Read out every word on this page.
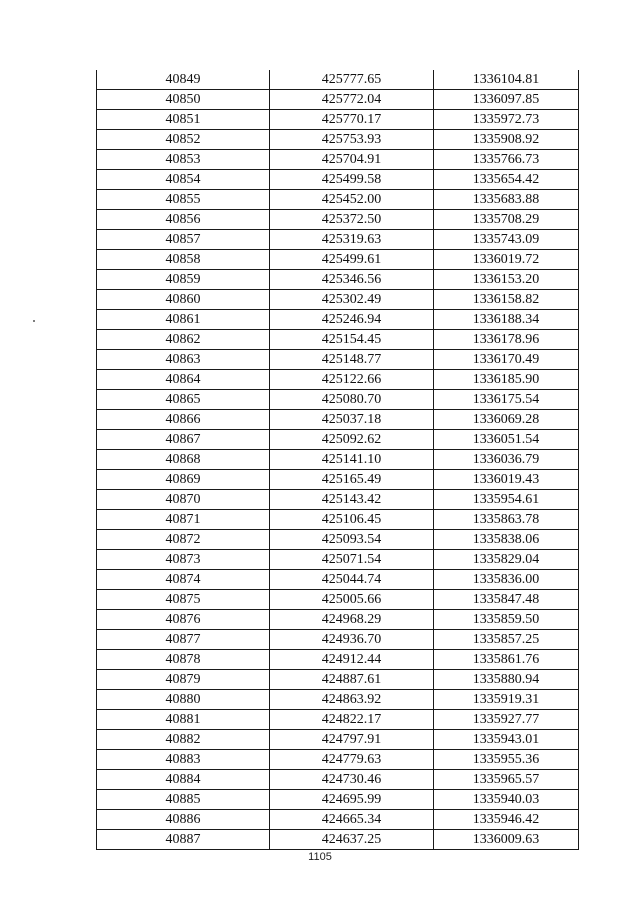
40849	425777.65	1336104.81
40850	425772.04	1336097.85
40851	425770.17	1335972.73
40852	425753.93	1335908.92
40853	425704.91	1335766.73
40854	425499.58	1335654.42
40855	425452.00	1335683.88
40856	425372.50	1335708.29
40857	425319.63	1335743.09
40858	425499.61	1336019.72
40859	425346.56	1336153.20
40860	425302.49	1336158.82
40861	425246.94	1336188.34
40862	425154.45	1336178.96
40863	425148.77	1336170.49
40864	425122.66	1336185.90
40865	425080.70	1336175.54
40866	425037.18	1336069.28
40867	425092.62	1336051.54
40868	425141.10	1336036.79
40869	425165.49	1336019.43
40870	425143.42	1335954.61
40871	425106.45	1335863.78
40872	425093.54	1335838.06
40873	425071.54	1335829.04
40874	425044.74	1335836.00
40875	425005.66	1335847.48
40876	424968.29	1335859.50
40877	424936.70	1335857.25
40878	424912.44	1335861.76
40879	424887.61	1335880.94
40880	424863.92	1335919.31
40881	424822.17	1335927.77
40882	424797.91	1335943.01
40883	424779.63	1335955.36
40884	424730.46	1335965.57
40885	424695.99	1335940.03
40886	424665.34	1335946.42
40887	424637.25	1336009.63
1105
